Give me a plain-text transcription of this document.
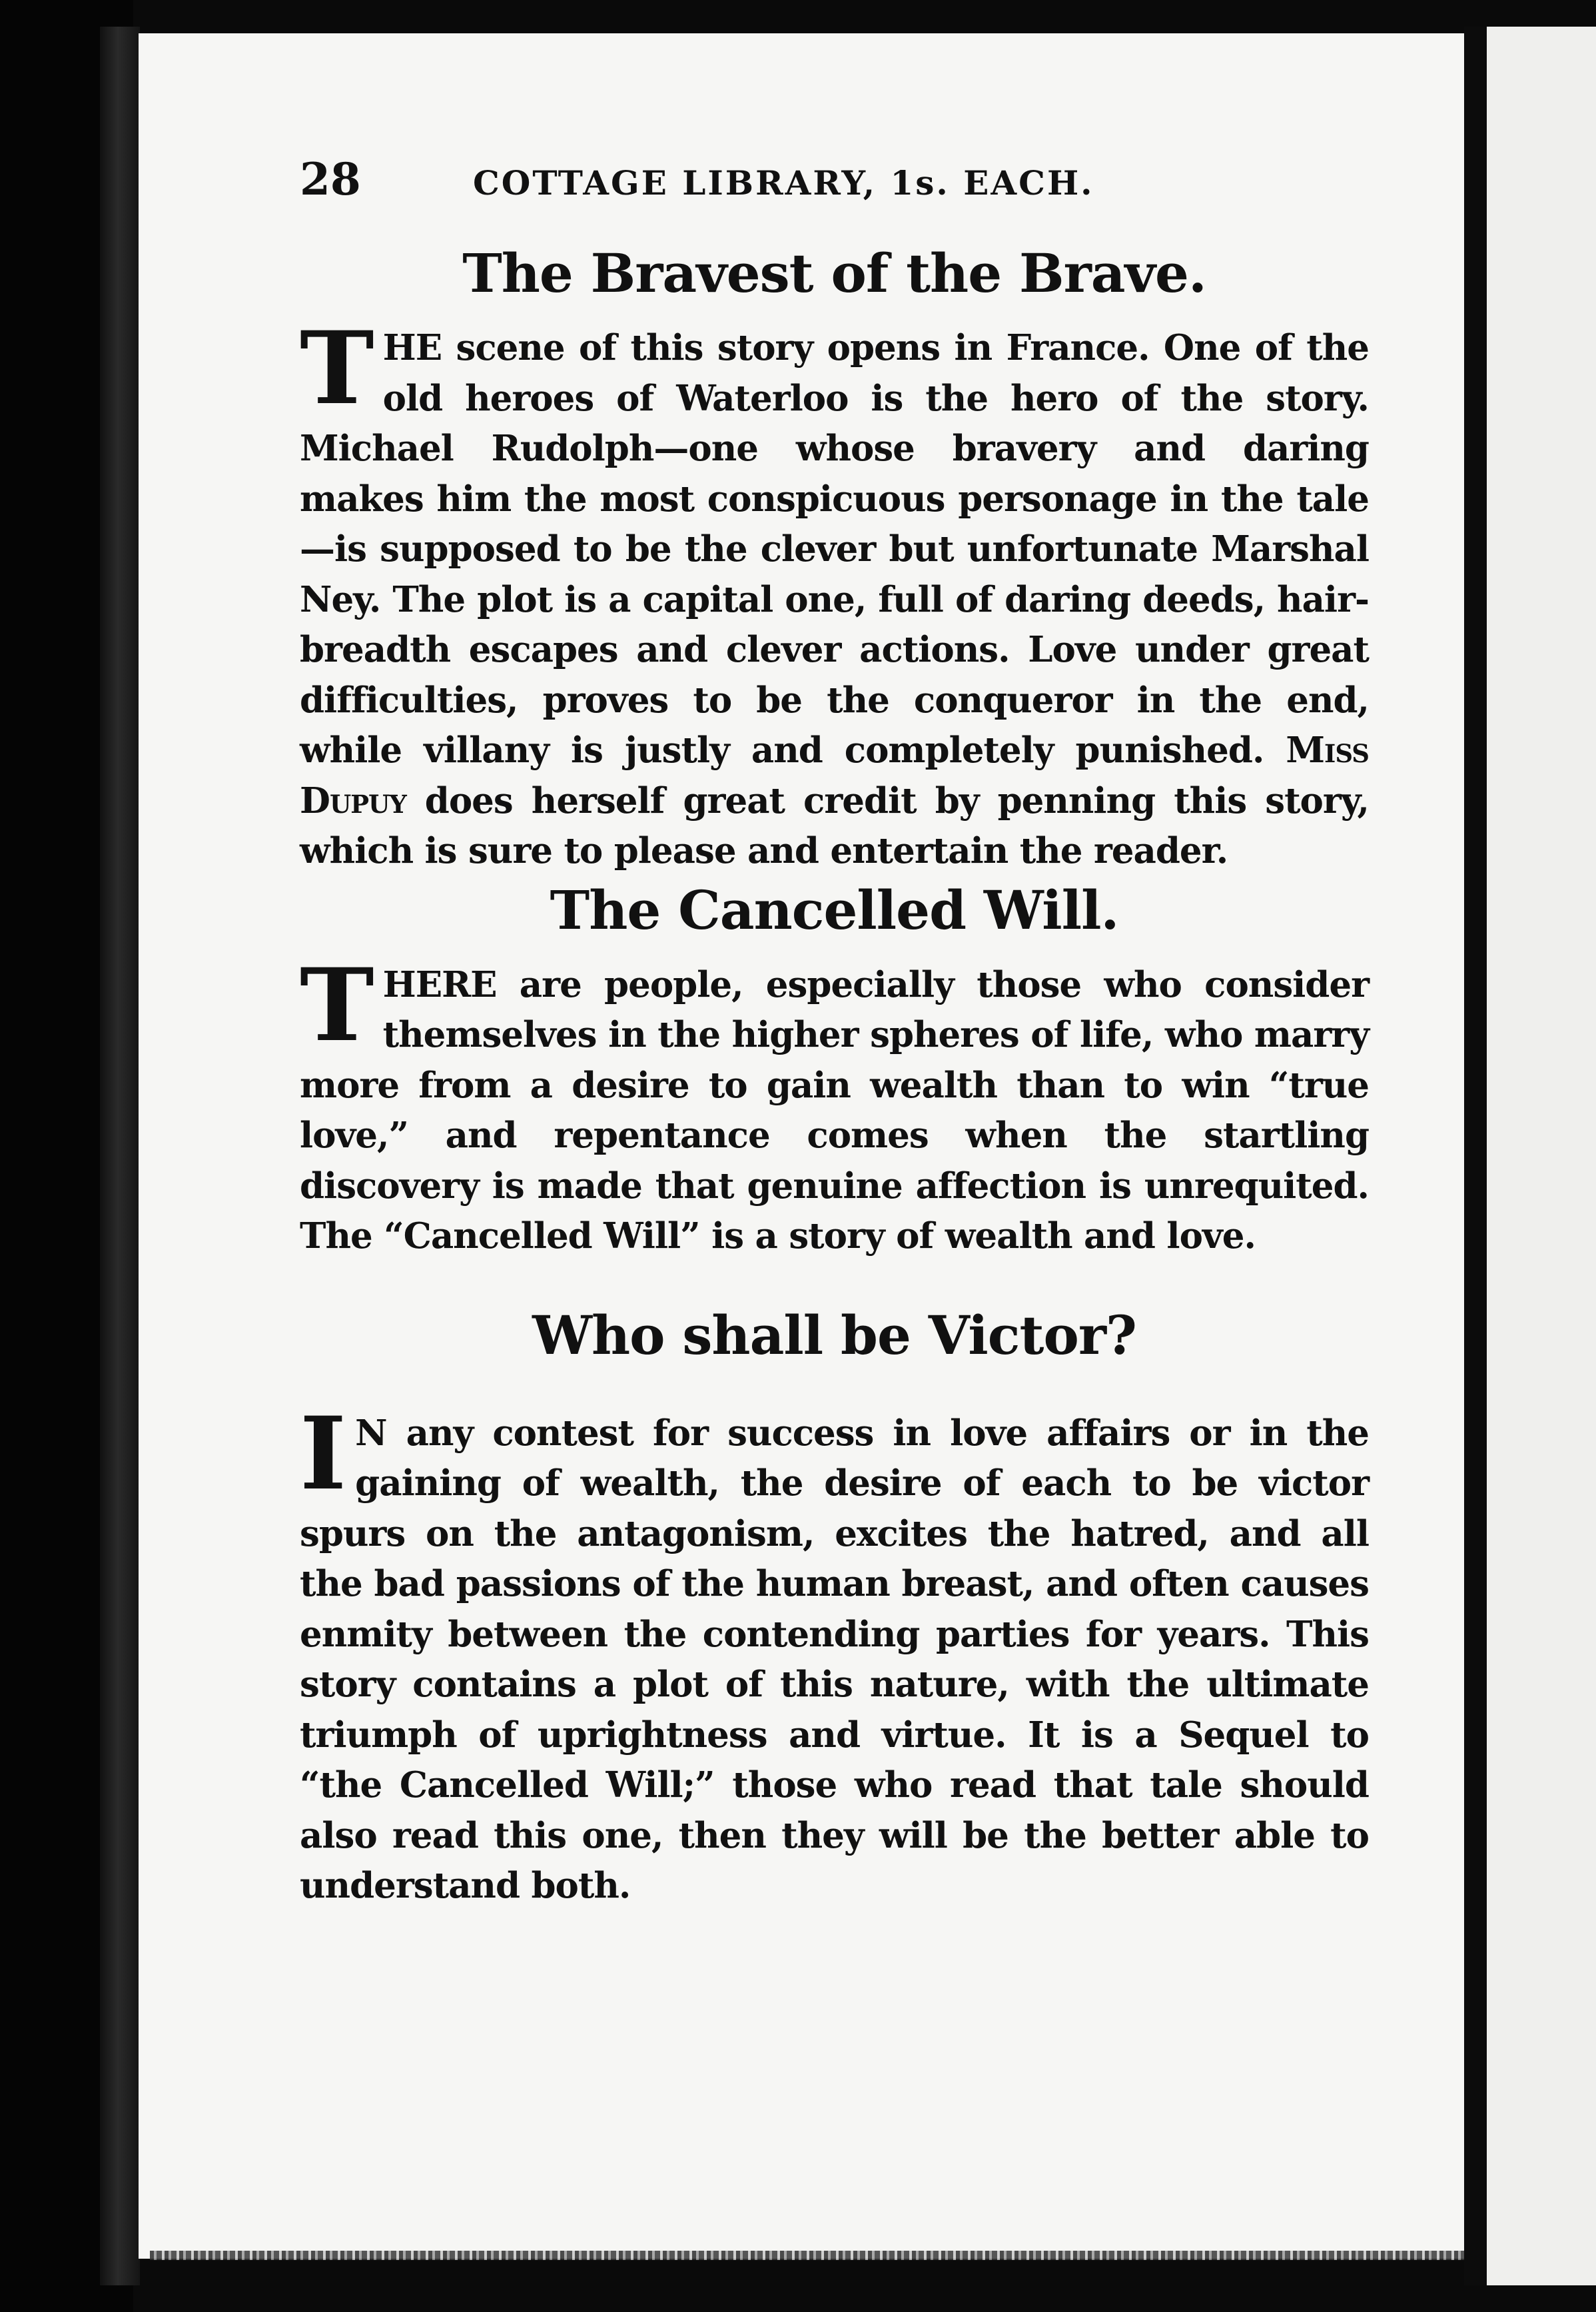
28	COTTAGE LIBRARY, 1s. EACH.
The Bravest of the Brave.

THE scene of this story opens in France. One of the old heroes of Waterloo is the hero of the story. Michael Rudolph—one whose bravery and daring makes him the most conspicuous personage in the tale—is supposed to be the clever but unfortunate Marshal Ney. The plot is a capital one, full of daring deeds, hair-breadth escapes and clever actions. Love under great difficulties, proves to be the conqueror in the end, while villany is justly and completely punished. Miss Dupuy does herself great credit by penning this story, which is sure to please and entertain the reader.

The Cancelled Will.

THERE are people, especially those who consider themselves in the higher spheres of life, who marry more from a desire to gain wealth than to win “true love,” and repentance comes when the startling discovery is made that genuine affection is unrequited. The “Cancelled Will” is a story of wealth and love.

Who shall be Victor?

I N any contest for success in love affairs or in the gaining of wealth, the desire of each to be victor spurs on the antagonism, excites the hatred, and all the bad passions of the human breast, and often causes enmity between the contending parties for years. This story contains a plot of this nature, with the ultimate triumph of uprightness and virtue. It is a Sequel to “the Cancelled Will;” those who read that tale should also read this one, then they will be the better able to understand both.
